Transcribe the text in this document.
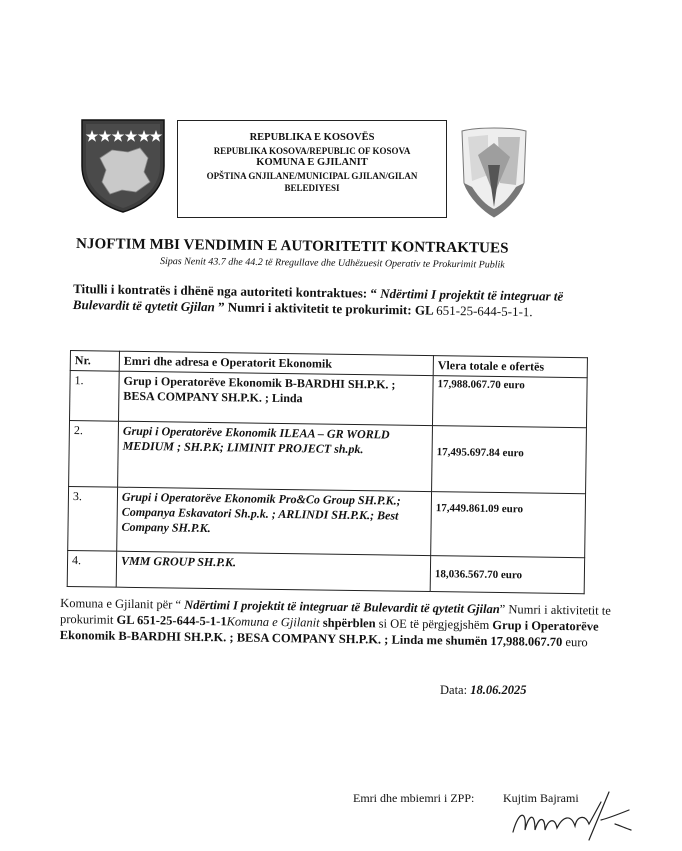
REPUBLIKA E KOSOVËS
REPUBLIKA KOSOVA/REPUBLIC OF KOSOVA
KOMUNA E GJILANIT
OPŠTINA GNJILANE/MUNICIPAL GJILAN/GILAN
BELEDIYESI
NJOFTIM MBI VENDIMIN E AUTORITETIT KONTRAKTUES
Sipas Nenit 43.7 dhe 44.2 të Rregullave dhe Udhëzuesit Operativ te Prokurimit Publik
Titulli i kontratës i dhënë nga autoriteti kontraktues: “ Ndërtimi I projektit të integruar të Bulevardit të qytetit Gjilan ” Numri i aktivitetit te prokurimit: GL 651-25-644-5-1-1.
Nr.	Emri dhe adresa e Operatorit Ekonomik	Vlera totale e ofertës
1.	Grup i Operatorëve Ekonomik B-BARDHI SH.P.K. ; BESA COMPANY SH.P.K. ; Linda	17,988.067.70 euro
2.	Grupi i Operatorëve Ekonomik ILEAA – GR WORLD MEDIUM ; SH.P.K; LIMINIT PROJECT sh.pk.	17,495.697.84 euro
3.	Grupi i Operatorëve Ekonomik Pro&Co Group SH.P.K.; Companya Eskavatori Sh.p.k. ; ARLINDI SH.P.K.; Best Company SH.P.K.	17,449.861.09 euro
4.	VMM GROUP SH.P.K.	18,036.567.70 euro
Komuna e Gjilanit për “ Ndërtimi I projektit të integruar të Bulevardit të qytetit Gjilan” Numri i aktivitetit te prokurimit GL 651-25-644-5-1-1Komuna e Gjilanit shpërblen si OE të përgjegjshëm Grup i Operatorëve Ekonomik B-BARDHI SH.P.K. ; BESA COMPANY SH.P.K. ; Linda me shumën 17,988.067.70 euro
Data: 18.06.2025
Emri dhe mbiemri i ZPP: Kujtim Bajrami
